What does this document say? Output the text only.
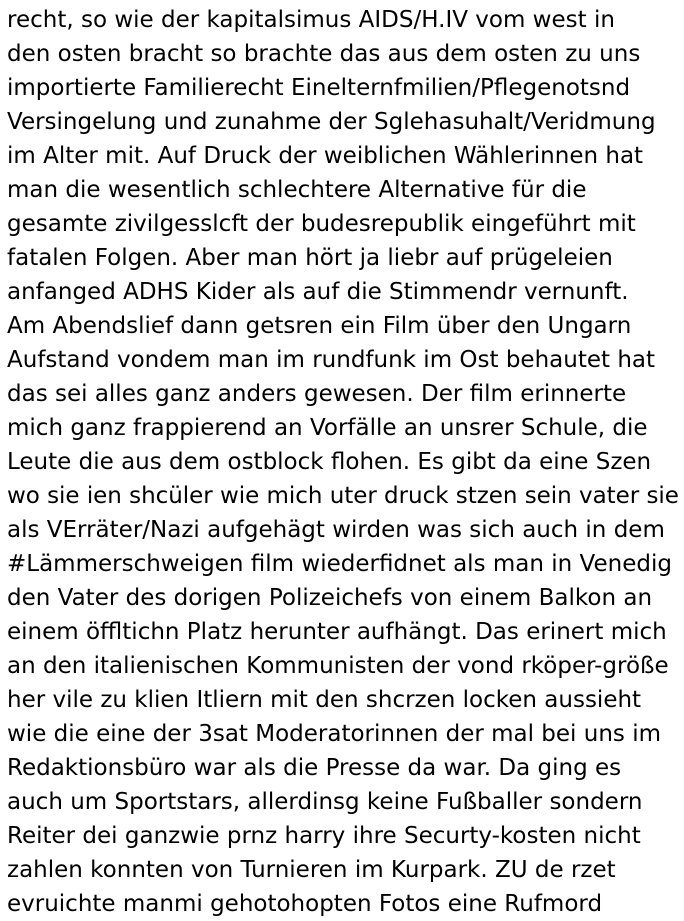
recht, so wie der kapitalsimus AIDS/H.IV vom west in
den osten bracht so brachte das aus dem osten zu uns
importierte Familierecht Einelternfmilien/Pflegenotsnd
Versingelung und zunahme der Sglehasuhalt/Veridmung
im Alter mit. Auf Druck der weiblichen Wählerinnen hat
man die wesentlich schlechtere Alternative für die
gesamte zivilgesslcft der budesrepublik eingeführt mit
fatalen Folgen. Aber man hört ja liebr auf prügeleien
anfanged ADHS Kider als auf die Stimmendr vernunft.
Am Abendslief dann getsren ein Film über den Ungarn
Aufstand vondem man im rundfunk im Ost behautet hat
das sei alles ganz anders gewesen. Der film erinnerte
mich ganz frappierend an Vorfälle an unsrer Schule, die
Leute die aus dem ostblock flohen. Es gibt da eine Szen
wo sie ien shcüler wie mich uter druck stzen sein vater sie
als VErräter/Nazi aufgehägt wirden was sich auch in dem
#Lämmerschweigen film wiederfidnet als man in Venedig
den Vater des dorigen Polizeichefs von einem Balkon an
einem öffltichn Platz herunter aufhängt. Das erinert mich
an den italienischen Kommunisten der vond rköper-größe
her vile zu klien Itliern mit den shcrzen locken aussieht
wie die eine der 3sat Moderatorinnen der mal bei uns im
Redaktionsbüro war als die Presse da war. Da ging es
auch um Sportstars, allerdinsg keine Fußballer sondern
Reiter dei ganzwie prnz harry ihre Securty-kosten nicht
zahlen konnten von Turnieren im Kurpark. ZU de rzet
evruichte manmi gehotohopten Fotos eine Rufmord
